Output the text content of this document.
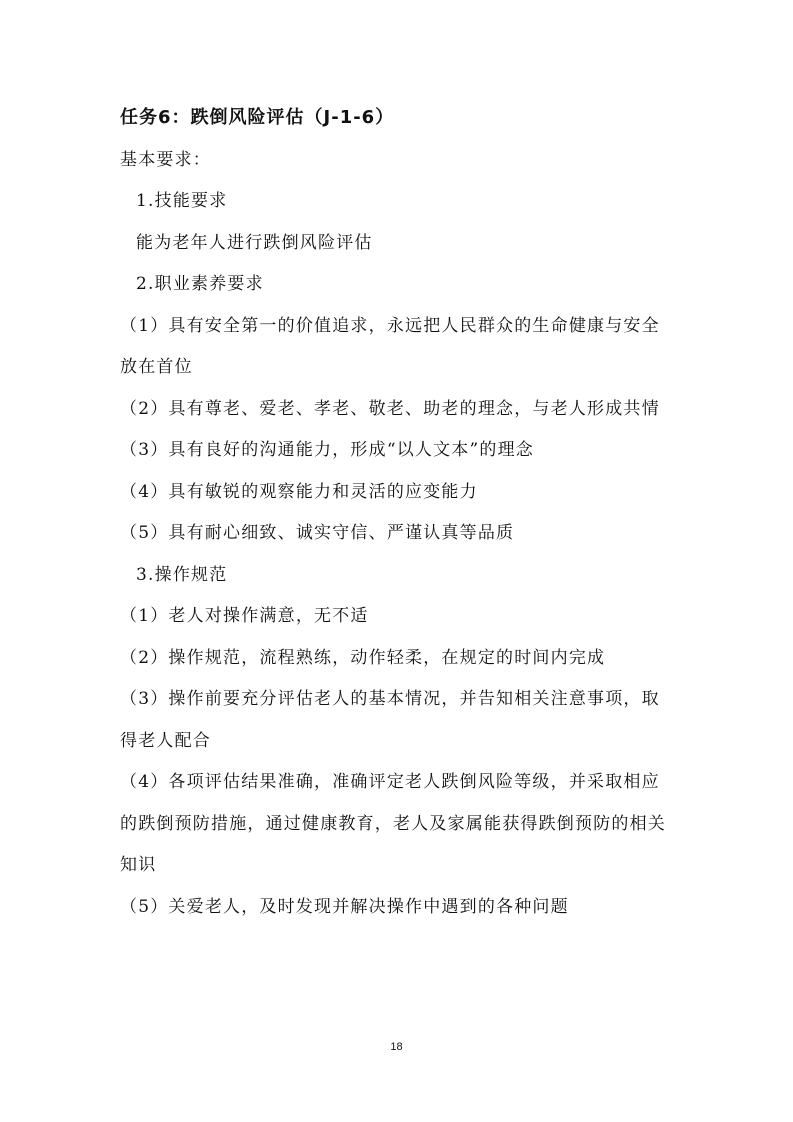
任务6：跌倒风险评估（J-1-6）
基本要求：
1.技能要求
能为老年人进行跌倒风险评估
2.职业素养要求
（1）具有安全第一的价值追求，永远把人民群众的生命健康与安全
放在首位
（2）具有尊老、爱老、孝老、敬老、助老的理念，与老人形成共情
（3）具有良好的沟通能力，形成“以人文本”的理念
（4）具有敏锐的观察能力和灵活的应变能力
（5）具有耐心细致、诚实守信、严谨认真等品质
3.操作规范
（1）老人对操作满意，无不适
（2）操作规范，流程熟练，动作轻柔，在规定的时间内完成
（3）操作前要充分评估老人的基本情况，并告知相关注意事项，取
得老人配合
（4）各项评估结果准确，准确评定老人跌倒风险等级，并采取相应
的跌倒预防措施，通过健康教育，老人及家属能获得跌倒预防的相关
知识
（5）关爱老人，及时发现并解决操作中遇到的各种问题
18
